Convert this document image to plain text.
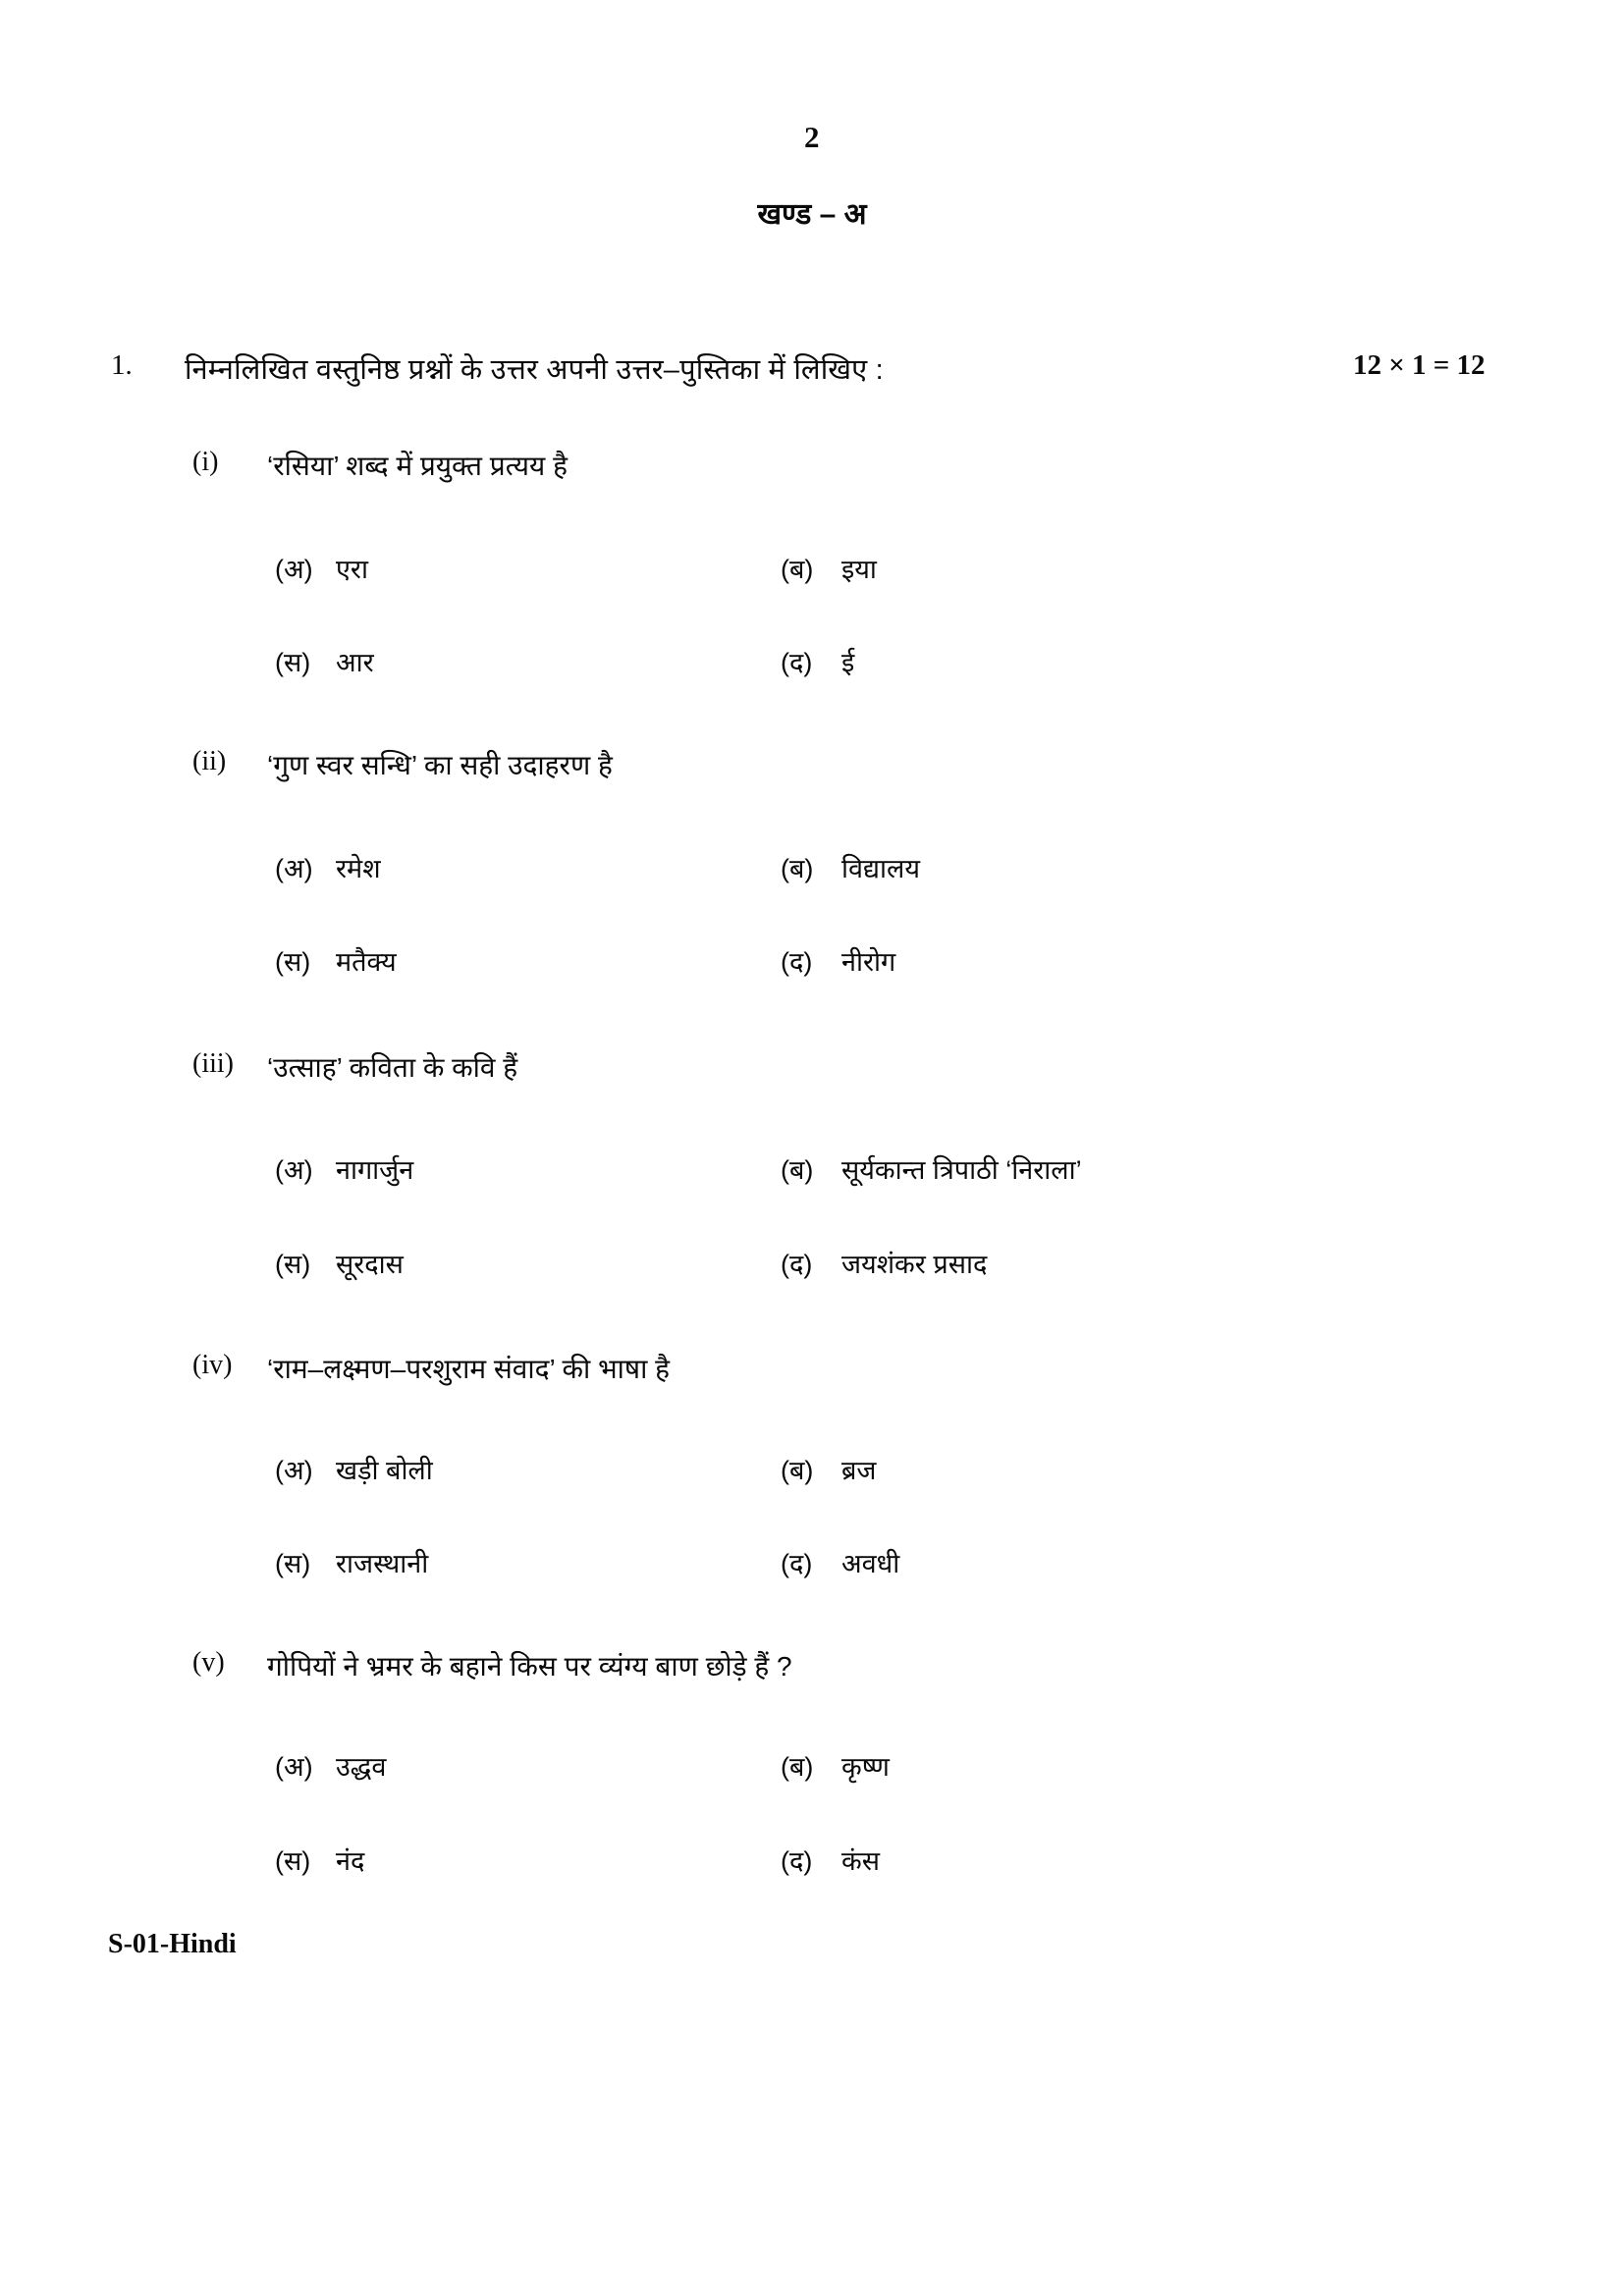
2
खण्ड – अ
1. निम्नलिखित वस्तुनिष्ठ प्रश्नों के उत्तर अपनी उत्तर–पुस्तिका में लिखिए :	12 × 1 = 12
(i)	‘रसिया’ शब्द में प्रयुक्त प्रत्यय है
(अ) एरा	(ब) इया
(स) आर	(द) ई
(ii)	‘गुण स्वर सन्धि’ का सही उदाहरण है
(अ) रमेश	(ब) विद्यालय
(स) मतैक्य	(द) नीरोग
(iii)	‘उत्साह’ कविता के कवि हैं
(अ) नागार्जुन	(ब) सूर्यकान्त त्रिपाठी ‘निराला’
(स) सूरदास	(द) जयशंकर प्रसाद
(iv)	‘राम–लक्ष्मण–परशुराम संवाद’ की भाषा है
(अ) खड़ी बोली	(ब) ब्रज
(स) राजस्थानी	(द) अवधी
(v)	गोपियों ने भ्रमर के बहाने किस पर व्यंग्य बाण छोड़े हैं ?
(अ) उद्धव	(ब) कृष्ण
(स) नंद	(द) कंस
S-01-Hindi
